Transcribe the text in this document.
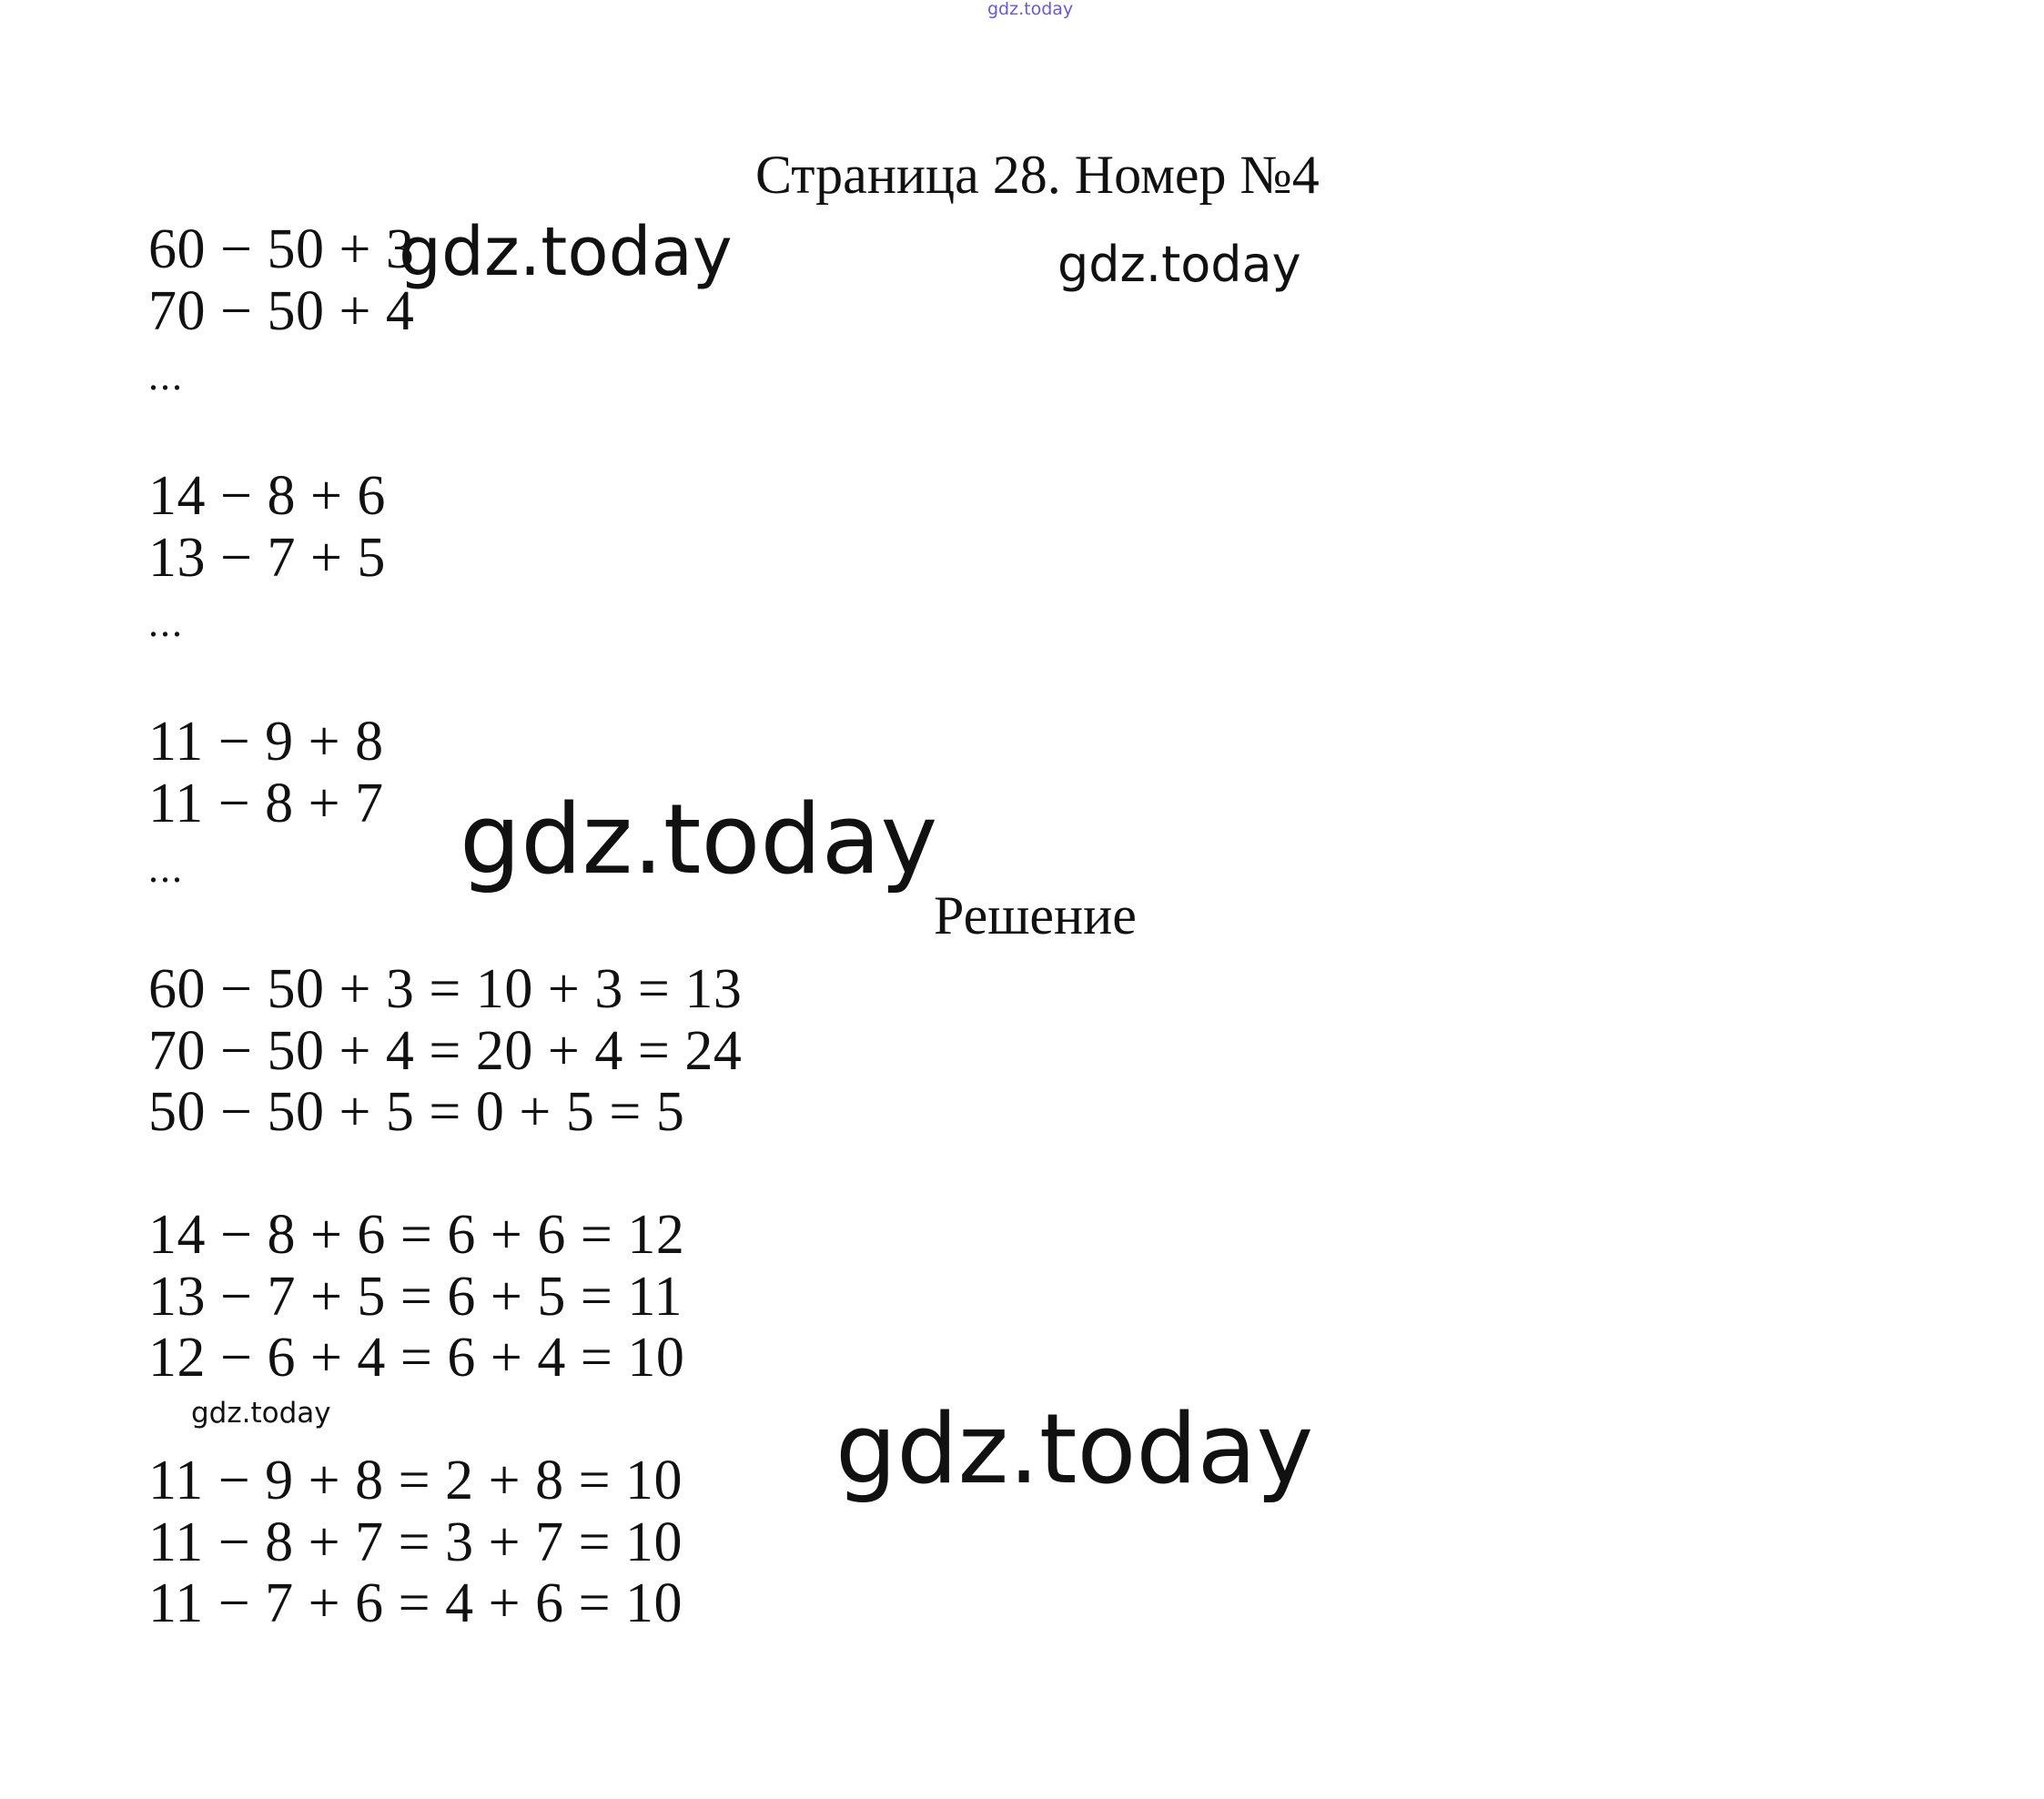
gdz.today
Страница 28. Номер №4
60 − 50 + 3
70 − 50 + 4
...
14 − 8 + 6
13 − 7 + 5
...
11 − 9 + 8
11 − 8 + 7
...
Решение
60 − 50 + 3 = 10 + 3 = 13
70 − 50 + 4 = 20 + 4 = 24
50 − 50 + 5 = 0 + 5 = 5
14 − 8 + 6 = 6 + 6 = 12
13 − 7 + 5 = 6 + 5 = 11
12 − 6 + 4 = 6 + 4 = 10
11 − 9 + 8 = 2 + 8 = 10
11 − 8 + 7 = 3 + 7 = 10
11 − 7 + 6 = 4 + 6 = 10
gdz.today	gdz.today
gdz.today
gdz.today	gdz.today
